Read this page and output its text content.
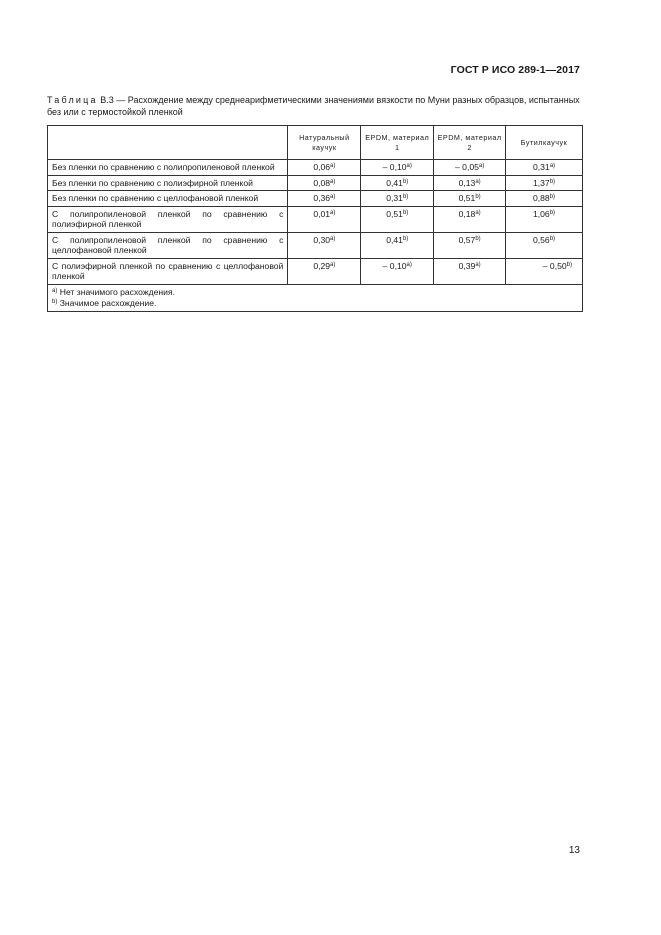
ГОСТ Р ИСО 289-1—2017
Таблица В.3 — Расхождение между среднеарифметическими значениями вязкости по Муни разных образцов, испытанных без или с термостойкой пленкой
	Натуральный каучук	EPDM, материал 1	EPDM, материал 2	Бутилкаучук
Без пленки по сравнению с полипропиленовой пленкой	0,06$^{a)}$	– 0,10$^{a)}$	– 0,05$^{a)}$	0,31$^{a)}$
Без пленки по сравнению с полиэфирной пленкой	0,08$^{a)}$	0,41$^{b)}$	0,13$^{a)}$	1,37$^{b)}$
Без пленки по сравнению с целлофановой пленкой	0,36$^{a)}$	0,31$^{b)}$	0,51$^{b)}$	0,88$^{b)}$
С полипропиленовой пленкой по сравнению с полиэфирной пленкой	0,01$^{a)}$	0,51$^{b)}$	0,18$^{a)}$	1,06$^{b)}$
С полипропиленовой пленкой по сравнению с целлофановой пленкой	0,30$^{a)}$	0,41$^{b)}$	0,57$^{b)}$	0,56$^{b)}$
С полиэфирной пленкой по сравнению с целлофановой пленкой	0,29$^{a)}$	– 0,10$^{a)}$	0,39$^{a)}$	– 0,50$^{b)}$

$^{a)}$ Нет значимого расхождения.
$^{b)}$ Значимое расхождение.				
13
